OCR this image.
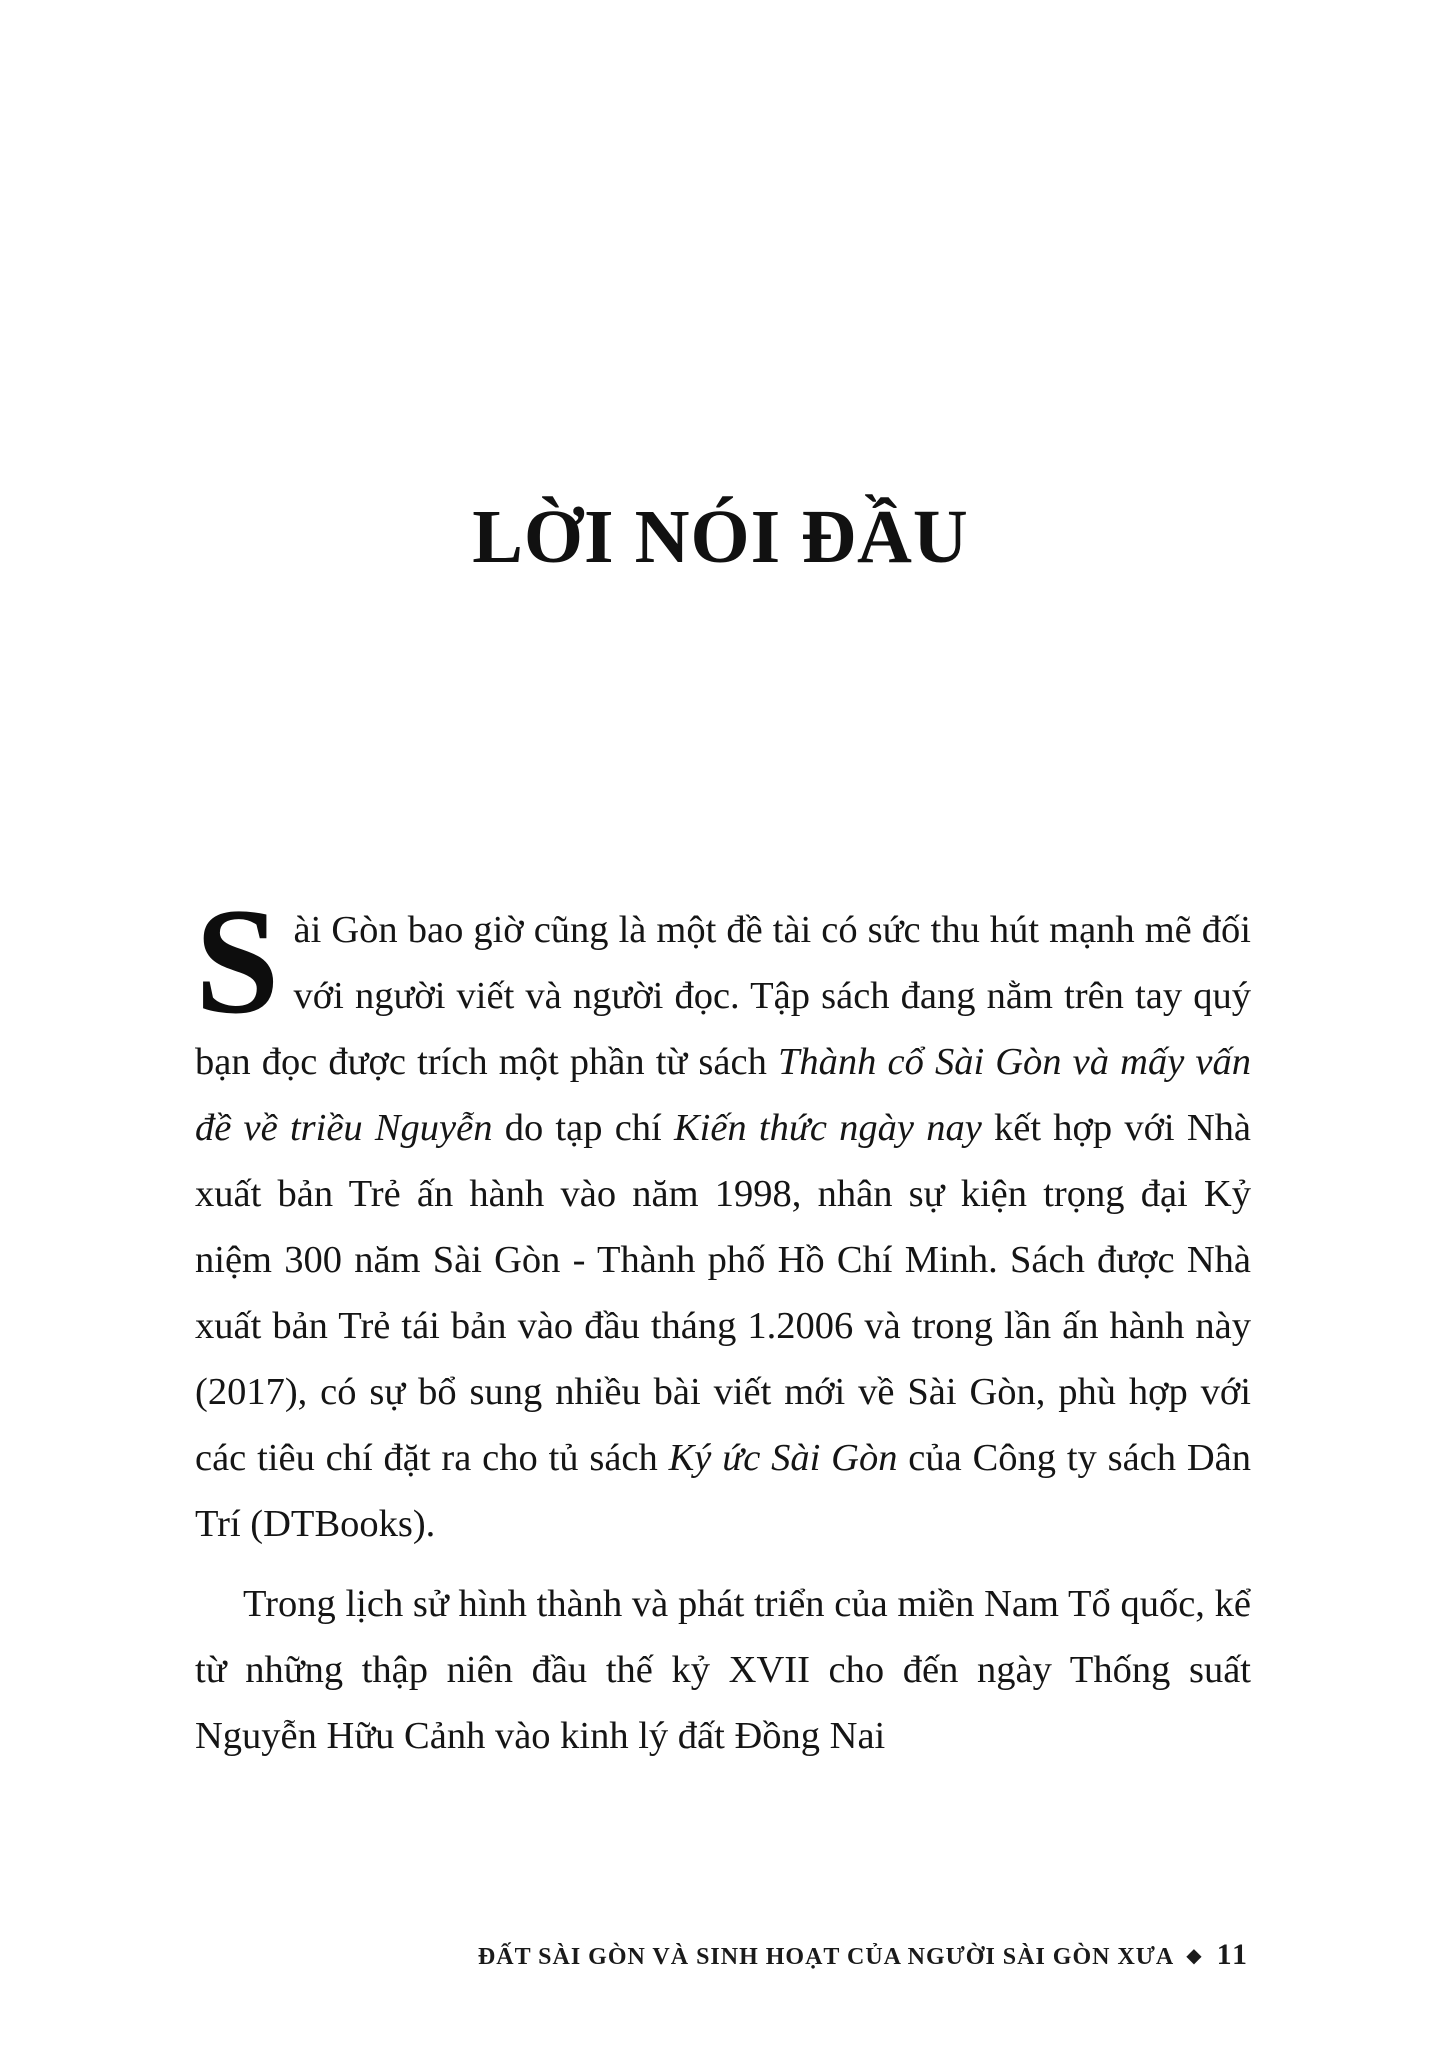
LỜI NÓI ĐẦU

Sài Gòn bao giờ cũng là một đề tài có sức thu hút mạnh mẽ đối với người viết và người đọc. Tập sách đang nằm trên tay quý bạn đọc được trích một phần từ sách Thành cổ Sài Gòn và mấy vấn đề về triều Nguyễn do tạp chí Kiến thức ngày nay kết hợp với Nhà xuất bản Trẻ ấn hành vào năm 1998, nhân sự kiện trọng đại Kỷ niệm 300 năm Sài Gòn - Thành phố Hồ Chí Minh. Sách được Nhà xuất bản Trẻ tái bản vào đầu tháng 1.2006 và trong lần ấn hành này (2017), có sự bổ sung nhiều bài viết mới về Sài Gòn, phù hợp với các tiêu chí đặt ra cho tủ sách Ký ức Sài Gòn của Công ty sách Dân Trí (DTBooks).

Trong lịch sử hình thành và phát triển của miền Nam Tổ quốc, kể từ những thập niên đầu thế kỷ XVII cho đến ngày Thống suất Nguyễn Hữu Cảnh vào kinh lý đất Đồng Nai

ĐẤT SÀI GÒN VÀ SINH HOẠT CỦA NGƯỜI SÀI GÒN XƯA ◆ 11
